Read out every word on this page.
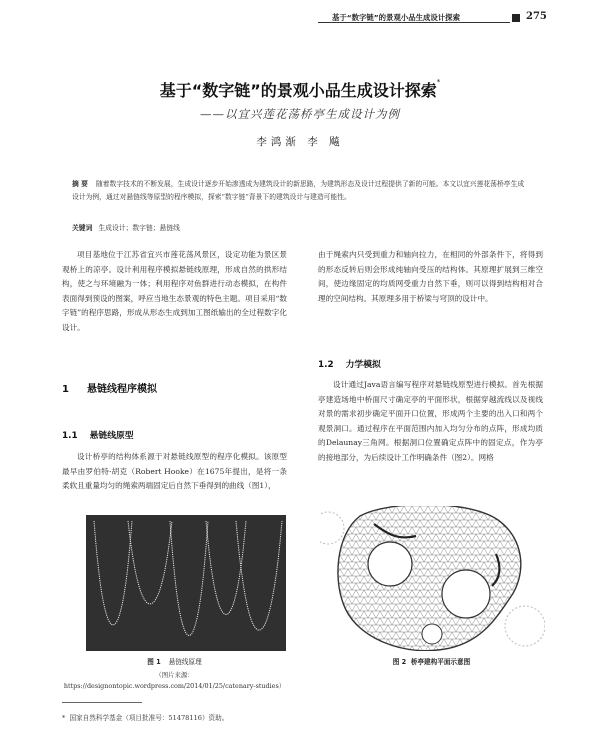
基于“数字链”的景观小品生成设计探索	275
基于“数字链”的景观小品生成设计探索*
——以宜兴莲花荡桥亭生成设计为例
李鸿渐 李 飚
摘 要 随着数字技术的不断发展，生成设计逐步开始渗透成为建筑设计的新思路，为建筑形态及设计过程提供了新的可能。本文以宜兴莲花荡桥亭生成设计为例，通过对悬链线等原型的程序模拟，探索“数字链”背景下的建筑设计与建造可能性。
关键词 生成设计；数字链；悬链线

项目基地位于江苏省宜兴市莲花荡风景区，设定功能为景区景观桥上的凉亭。设计利用程序模拟悬链线原理，形成自然的拱形结构，使之与环境融为一体；利用程序对鱼群进行动态模拟，在构件表面得到预设的图案，呼应当地生态景观的特色主题。项目采用“数字链”的程序思路，形成从形态生成到加工图纸输出的全过程数字化设计。

1 悬链线程序模拟
1.1 悬链线原型

设计桥亭的结构体系源于对悬链线原型的程序化模拟。该原型最早由罗伯特·胡克（Robert Hooke）在1675年提出，是将一条柔软且重量均匀的绳索两端固定后自然下垂得到的曲线（图1），

图 1 悬链线原理
（图片来源：https://designontopic.wordpress.com/2014/01/25/catenary-studies）

由于绳索内只受到重力和轴向拉力，在相同的外部条件下，将得到的形态反转后则会形成纯轴向受压的结构体。其原理扩展到三维空间，使边缘固定的均质网受重力自然下垂，则可以得到结构相对合理的空间结构。其原理多用于桥梁与穹顶的设计中。

1.2 力学模拟

设计通过Java语言编写程序对悬链线原型进行模拟。首先根据亭建造场地中桥面尺寸确定亭的平面形状，根据穿越流线以及视线对景的需求初步确定平面开口位置，形成两个主要的出入口和两个观景洞口。通过程序在平面范围内加入均匀分布的点阵，形成均质的Delaunay三角网。根据洞口位置确定点阵中的固定点，作为亭的接地部分，为后续设计工作明确条件（图2）。网格

图 2 桥亭建构平面示意图
* 国家自然科学基金（项目批准号：51478116）资助。
